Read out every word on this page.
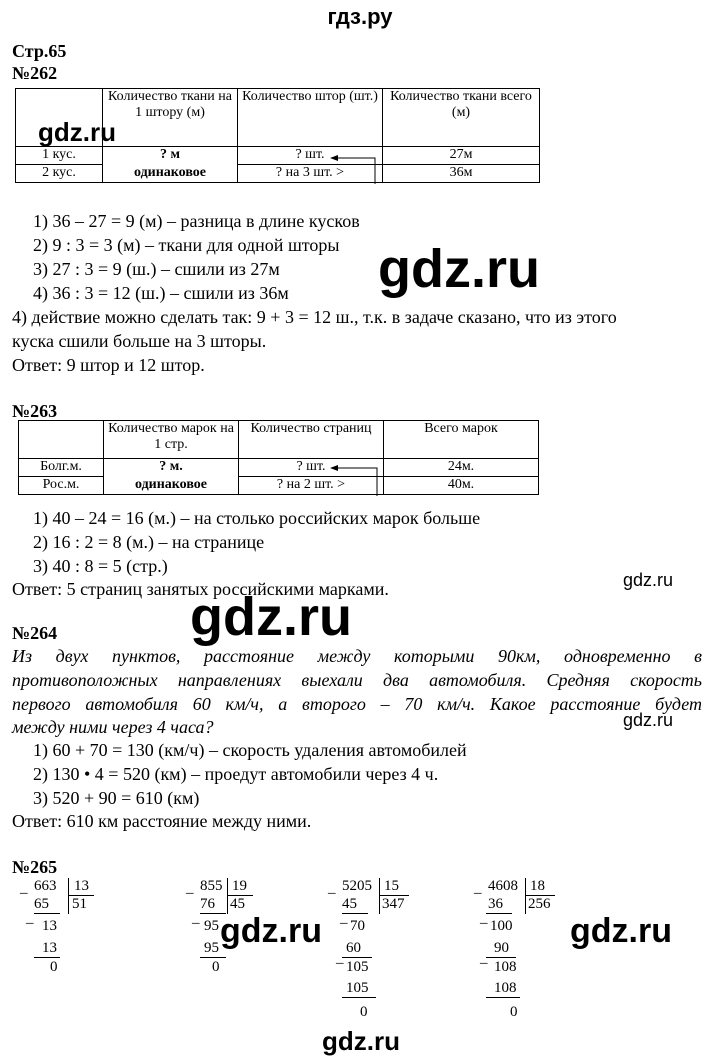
гдз.ру
Стр.65
№262
	Количество ткани на 1 штору (м)	Количество штор (шт.)	Количество ткани всего (м)
1 кус.	? м	? шт.	27м
2 кус.	одинаковое	? на 3 шт. >	36м
1) 36 – 27 = 9 (м) – разница в длине кусков
2) 9 : 3 = 3 (м) – ткани для одной шторы
3) 27 : 3 = 9 (ш.) – сшили из 27м
4) 36 : 3 = 12 (ш.) – сшили из 36м
4) действие можно сделать так: 9 + 3 = 12 ш., т.к. в задаче сказано, что из этого
куска сшили больше на 3 шторы.
Ответ: 9 штор и 12 штор.
№263
	Количество марок на 1 стр.	Количество страниц	Всего марок
Болг.м.	? м.	? шт.	24м.
Рос.м.	одинаковое	? на 2 шт. >	40м.
1) 40 – 24 = 16 (м.) – на столько российских марок больше
2) 16 : 2 = 8 (м.) – на странице
3) 40 : 8 = 5 (стр.)
Ответ: 5 страниц занятых российскими марками.
№264
Из двух пунктов, расстояние между которыми 90км, одновременно в
противоположных направлениях выехали два автомобиля. Средняя скорость
первого автомобиля 60 км/ч, а второго – 70 км/ч. Какое расстояние будет
между ними через 4 часа?
1) 60 + 70 = 130 (км/ч) – скорость удаления автомобилей
2) 130 • 4 = 520 (км) – проедут автомобили через 4 ч.
3) 520 + 90 = 610 (км)
Ответ: 610 км расстояние между ними.
№265
663 13
51
_
65
_ 13
13
0
855 19
45
_
76
_ 95
95
0
5205 15
347
_
45
_ 70
60
_
105
105
0
4608 18
256
_
36
_ 100
90
_
108
108
0
gdz.ru
gdz.ru
gdz.ru
gdz.ru
gdz.ru
gdz.ru	gdz.ru
gdz.ru
